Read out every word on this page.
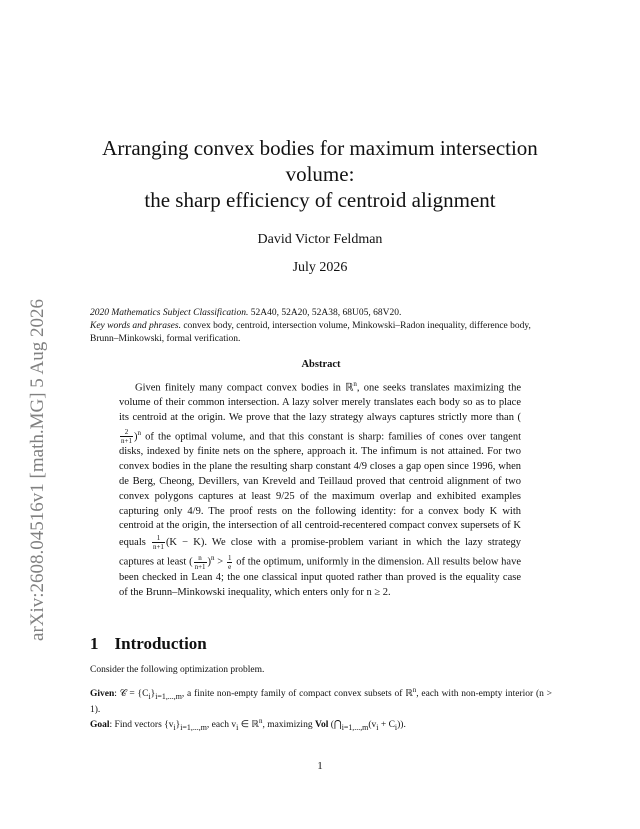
arXiv:2608.04516v1 [math.MG] 5 Aug 2026
Arranging convex bodies for maximum intersection
volume:
the sharp efficiency of centroid alignment
David Victor Feldman
July 2026
2020 Mathematics Subject Classification. 52A40, 52A20, 52A38, 68U05, 68V20.
Key words and phrases. convex body, centroid, intersection volume, Minkowski–Radon inequality, difference body, Brunn–Minkowski, formal verification.
Abstract
Given finitely many compact convex bodies in ℝ$^n$, one seeks translates maximizing the volume of their common intersection. A lazy solver merely translates each body so as to place its centroid at the origin. We prove that the lazy strategy always captures strictly more than (
$\frac{2}{n+1} )^n$ of the optimal volume, and that this constant is sharp: families of cones over tangent disks, indexed by finite nets on the sphere, approach it. The infimum is not attained. For two convex bodies in the plane the resulting sharp constant 4/9 closes a gap open since 1996, when de Berg, Cheong, Devillers, van Kreveld and Teillaud proved that centroid alignment of two convex polygons captures at least 9/25 of the maximum overlap and exhibited examples capturing only 4/9. The proof rests on the following identity: for a convex body K with centroid at the origin, the intersection of all centroid-recentered compact convex supersets of K equals $\frac{1}{n+1} (K - K)$. We close with a promise-problem variant in which the lazy strategy captures at least ( $\frac{n}{n+1} )^n > \frac{1}{e}$ of the optimum, uniformly in the dimension. All results below have been checked in Lean 4; the one classical input quoted rather than proved is the equality case of the Brunn–Minkowski inequality, which enters only for n ≥ 2.
1 Introduction
Consider the following optimization problem.
Given: 𝒞 = $\{C_i\}_{i=1,...,m}$, a finite non-empty family of compact convex subsets of ℝ$^n$, each with non-empty interior (n > 1).
Goal: Find vectors $\{v_i\}_{i=1,...,m}$, each $v_i$ ∈ ℝ$^n$, maximizing Vol $(⋂_{i=1,...,m}(v_i + C_i))$.
1
